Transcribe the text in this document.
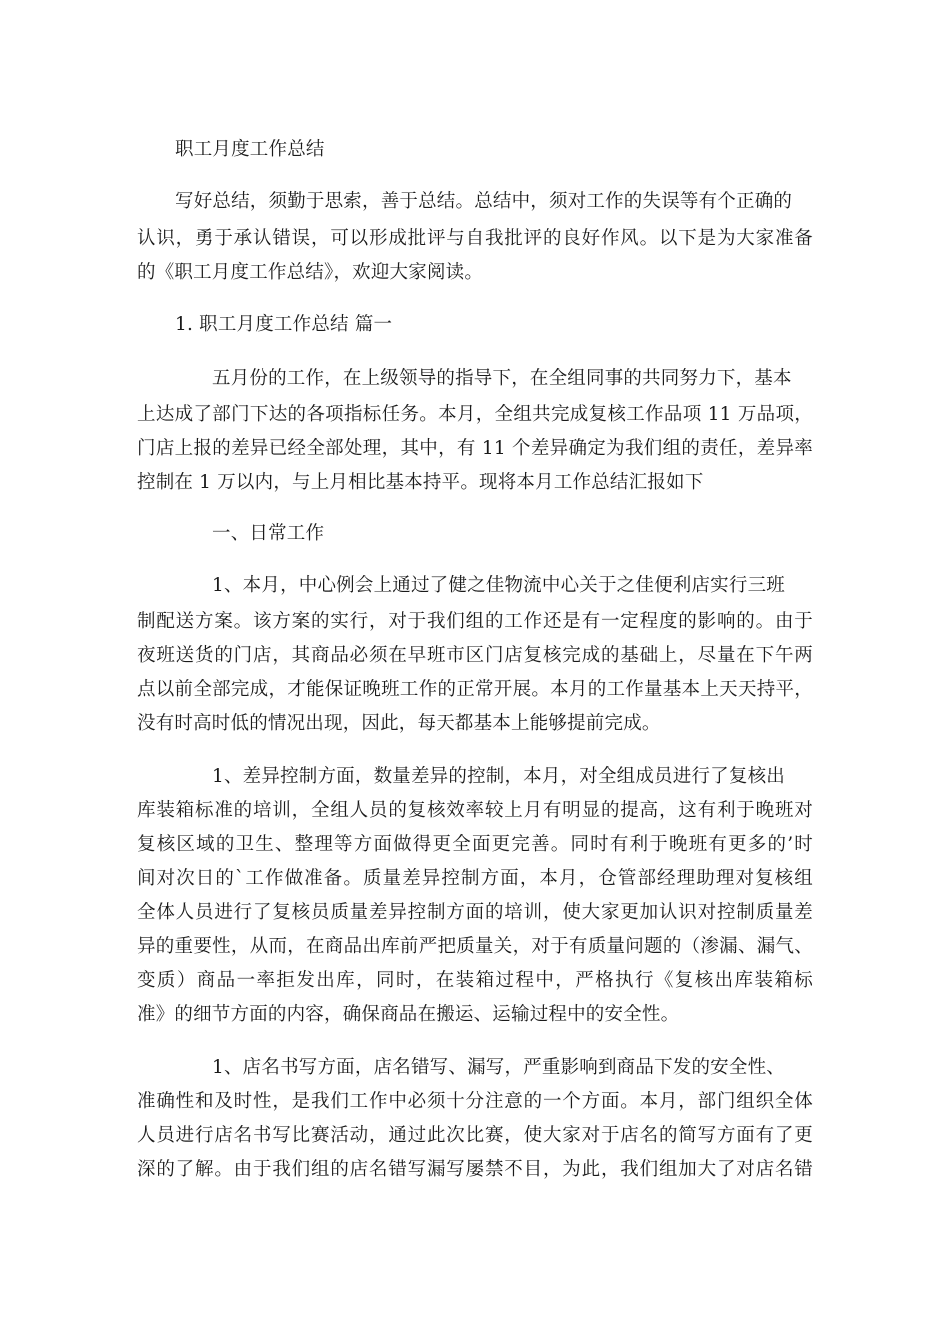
职工月度工作总结
写好总结，须勤于思索，善于总结。总结中，须对工作的失误等有个正确的
认识，勇于承认错误，可以形成批评与自我批评的良好作风。以下是为大家准备
的《职工月度工作总结》，欢迎大家阅读。
1. 职工月度工作总结 篇一
五月份的工作，在上级领导的指导下，在全组同事的共同努力下，基本
上达成了部门下达的各项指标任务。本月，全组共完成复核工作品项 11 万品项，
门店上报的差异已经全部处理，其中，有 11 个差异确定为我们组的责任，差异率
控制在 1 万以内，与上月相比基本持平。现将本月工作总结汇报如下
一、日常工作
1、本月，中心例会上通过了健之佳物流中心关于之佳便利店实行三班
制配送方案。该方案的实行，对于我们组的工作还是有一定程度的影响的。由于
夜班送货的门店，其商品必须在早班市区门店复核完成的基础上，尽量在下午两
点以前全部完成，才能保证晚班工作的正常开展。本月的工作量基本上天天持平，
没有时高时低的情况出现，因此，每天都基本上能够提前完成。
1、差异控制方面，数量差异的控制，本月，对全组成员进行了复核出
库装箱标准的培训，全组人员的复核效率较上月有明显的提高，这有利于晚班对
复核区域的卫生、整理等方面做得更全面更完善。同时有利于晚班有更多的’时
间对次日的`工作做准备。质量差异控制方面，本月，仓管部经理助理对复核组
全体人员进行了复核员质量差异控制方面的培训，使大家更加认识对控制质量差
异的重要性，从而，在商品出库前严把质量关，对于有质量问题的（渗漏、漏气、
变质）商品一率拒发出库，同时，在装箱过程中，严格执行《复核出库装箱标
准》的细节方面的内容，确保商品在搬运、运输过程中的安全性。
1、店名书写方面，店名错写、漏写，严重影响到商品下发的安全性、
准确性和及时性，是我们工作中必须十分注意的一个方面。本月，部门组织全体
人员进行店名书写比赛活动，通过此次比赛，使大家对于店名的简写方面有了更
深的了解。由于我们组的店名错写漏写屡禁不目，为此，我们组加大了对店名错
